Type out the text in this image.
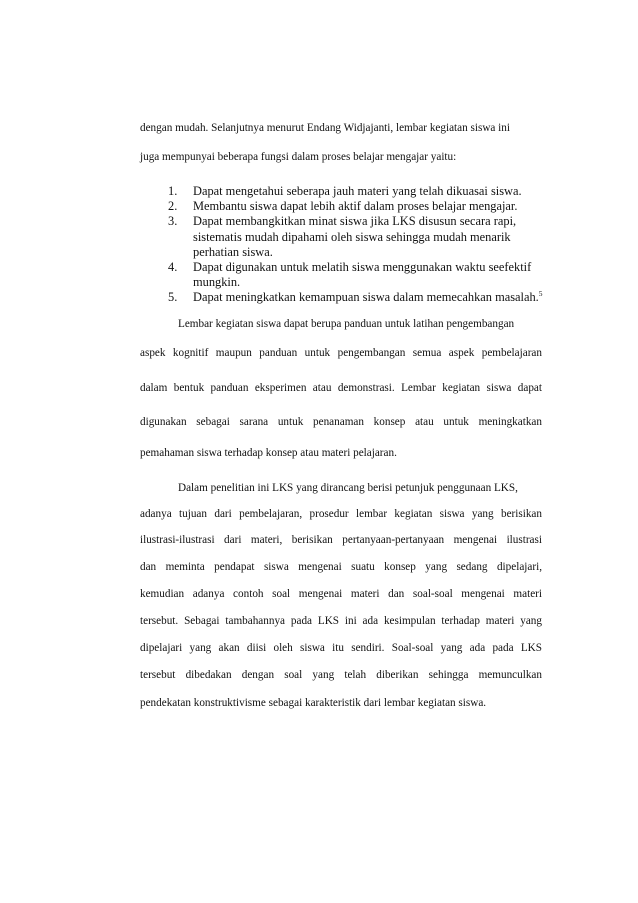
dengan mudah. Selanjutnya menurut Endang Widjajanti, lembar kegiatan siswa ini
juga mempunyai beberapa fungsi dalam proses belajar mengajar yaitu:
1. Dapat mengetahui seberapa jauh materi yang telah dikuasai siswa.
2. Membantu siswa dapat lebih aktif dalam proses belajar mengajar.
3. Dapat membangkitkan minat siswa jika LKS disusun secara rapi, sistematis mudah dipahami oleh siswa sehingga mudah menarik perhatian siswa.
4. Dapat digunakan untuk melatih siswa menggunakan waktu seefektif mungkin.
5. Dapat meningkatkan kemampuan siswa dalam memecahkan masalah.$^5$
Lembar kegiatan siswa dapat berupa panduan untuk latihan pengembangan
aspek kognitif maupun panduan untuk pengembangan semua aspek pembelajaran
dalam bentuk panduan eksperimen atau demonstrasi. Lembar kegiatan siswa dapat
digunakan sebagai sarana untuk penanaman konsep atau untuk meningkatkan
pemahaman siswa terhadap konsep atau materi pelajaran.
Dalam penelitian ini LKS yang dirancang berisi petunjuk penggunaan LKS,
adanya tujuan dari pembelajaran, prosedur lembar kegiatan siswa yang berisikan
ilustrasi-ilustrasi dari materi, berisikan pertanyaan-pertanyaan mengenai ilustrasi
dan meminta pendapat siswa mengenai suatu konsep yang sedang dipelajari,
kemudian adanya contoh soal mengenai materi dan soal-soal mengenai materi
tersebut. Sebagai tambahannya pada LKS ini ada kesimpulan terhadap materi yang
dipelajari yang akan diisi oleh siswa itu sendiri. Soal-soal yang ada pada LKS
tersebut dibedakan dengan soal yang telah diberikan sehingga memunculkan
pendekatan konstruktivisme sebagai karakteristik dari lembar kegiatan siswa.
